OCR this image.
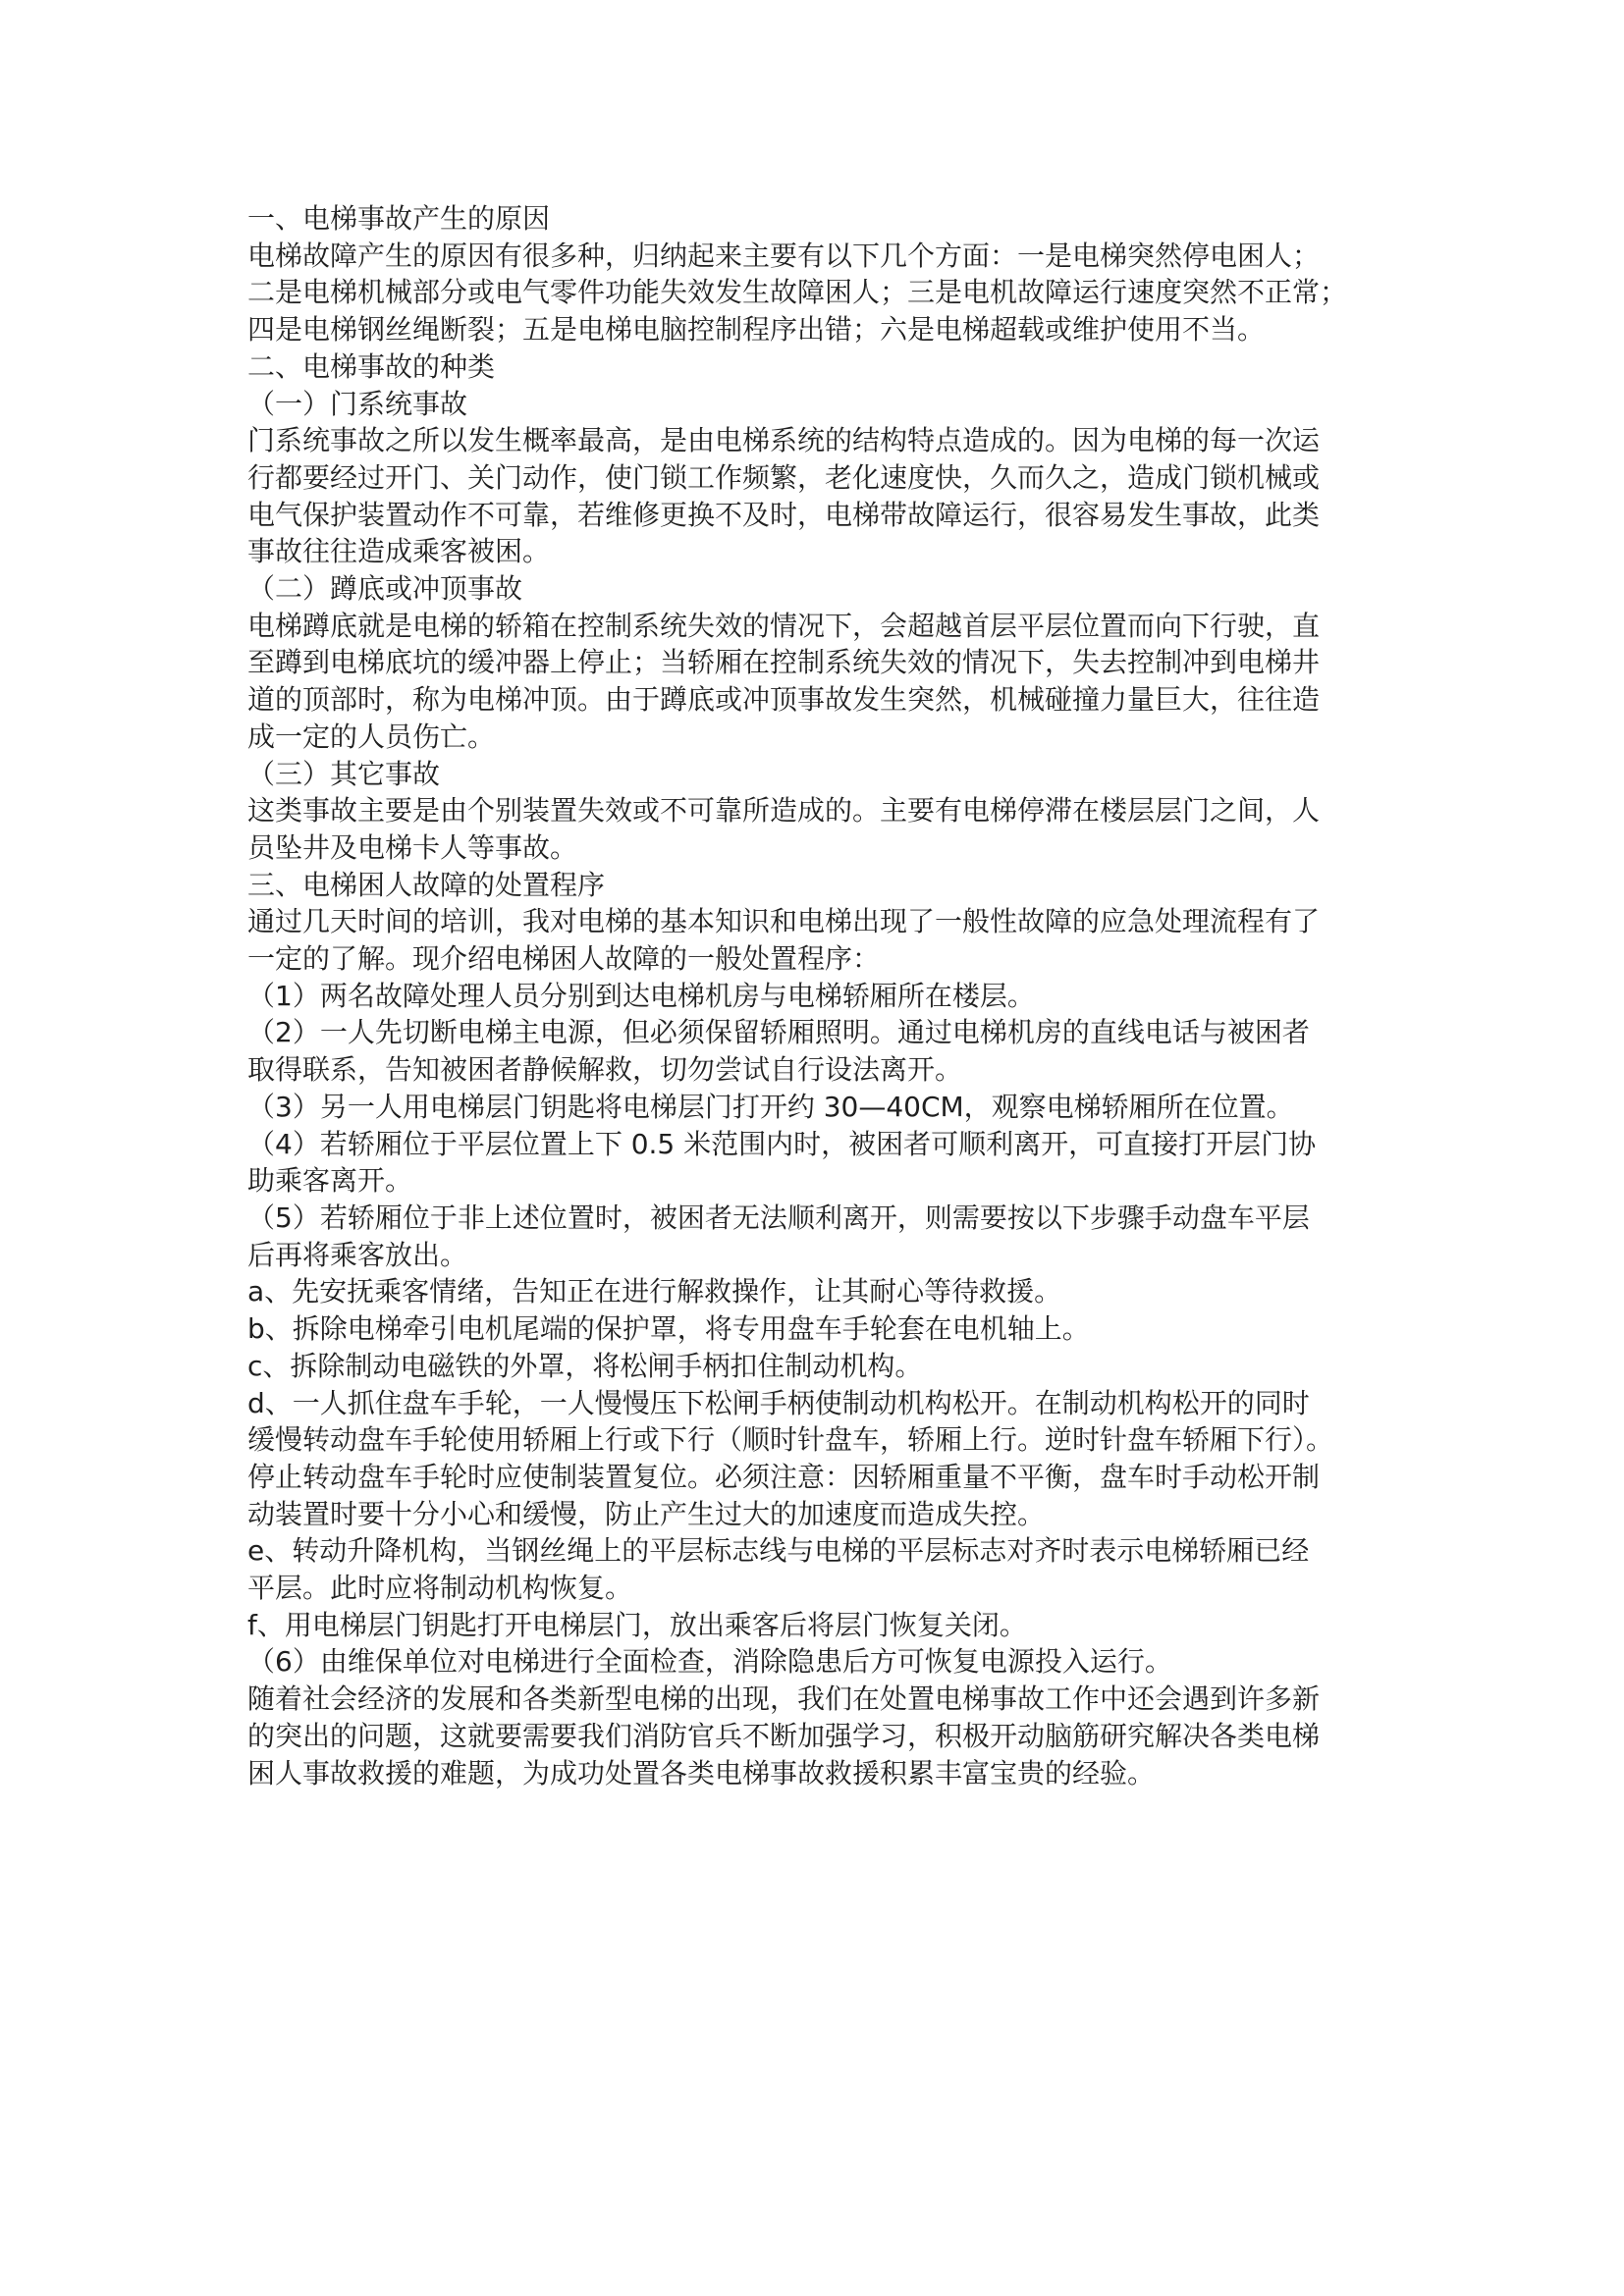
一、电梯事故产生的原因

电梯故障产生的原因有很多种，归纳起来主要有以下几个方面：一是电梯突然停电困人；

二是电梯机械部分或电气零件功能失效发生故障困人；三是电机故障运行速度突然不正常；

四是电梯钢丝绳断裂；五是电梯电脑控制程序出错；六是电梯超载或维护使用不当。

二、电梯事故的种类

（一）门系统事故

门系统事故之所以发生概率最高，是由电梯系统的结构特点造成的。因为电梯的每一次运

行都要经过开门、关门动作，使门锁工作频繁，老化速度快，久而久之，造成门锁机械或

电气保护装置动作不可靠，若维修更换不及时，电梯带故障运行，很容易发生事故，此类

事故往往造成乘客被困。

（二）蹲底或冲顶事故

电梯蹲底就是电梯的轿箱在控制系统失效的情况下，会超越首层平层位置而向下行驶，直

至蹲到电梯底坑的缓冲器上停止；当轿厢在控制系统失效的情况下，失去控制冲到电梯井

道的顶部时，称为电梯冲顶。由于蹲底或冲顶事故发生突然，机械碰撞力量巨大，往往造

成一定的人员伤亡。

（三）其它事故

这类事故主要是由个别装置失效或不可靠所造成的。主要有电梯停滞在楼层层门之间，人

员坠井及电梯卡人等事故。

三、电梯困人故障的处置程序

通过几天时间的培训，我对电梯的基本知识和电梯出现了一般性故障的应急处理流程有了

一定的了解。现介绍电梯困人故障的一般处置程序：

（1）两名故障处理人员分别到达电梯机房与电梯轿厢所在楼层。

（2）一人先切断电梯主电源，但必须保留轿厢照明。通过电梯机房的直线电话与被困者

取得联系，告知被困者静候解救，切勿尝试自行设法离开。

（3）另一人用电梯层门钥匙将电梯层门打开约 30—40CM，观察电梯轿厢所在位置。

（4）若轿厢位于平层位置上下 0.5 米范围内时，被困者可顺利离开，可直接打开层门协

助乘客离开。

（5）若轿厢位于非上述位置时，被困者无法顺利离开，则需要按以下步骤手动盘车平层

后再将乘客放出。

a、先安抚乘客情绪，告知正在进行解救操作，让其耐心等待救援。

b、拆除电梯牵引电机尾端的保护罩，将专用盘车手轮套在电机轴上。

c、拆除制动电磁铁的外罩，将松闸手柄扣住制动机构。

d、一人抓住盘车手轮，一人慢慢压下松闸手柄使制动机构松开。在制动机构松开的同时

缓慢转动盘车手轮使用轿厢上行或下行（顺时针盘车，轿厢上行。逆时针盘车轿厢下行）。

停止转动盘车手轮时应使制装置复位。必须注意：因轿厢重量不平衡，盘车时手动松开制

动装置时要十分小心和缓慢，防止产生过大的加速度而造成失控。

e、转动升降机构，当钢丝绳上的平层标志线与电梯的平层标志对齐时表示电梯轿厢已经

平层。此时应将制动机构恢复。

f、用电梯层门钥匙打开电梯层门，放出乘客后将层门恢复关闭。

（6）由维保单位对电梯进行全面检查，消除隐患后方可恢复电源投入运行。

随着社会经济的发展和各类新型电梯的出现，我们在处置电梯事故工作中还会遇到许多新

的突出的问题，这就要需要我们消防官兵不断加强学习，积极开动脑筋研究解决各类电梯

困人事故救援的难题，为成功处置各类电梯事故救援积累丰富宝贵的经验。
